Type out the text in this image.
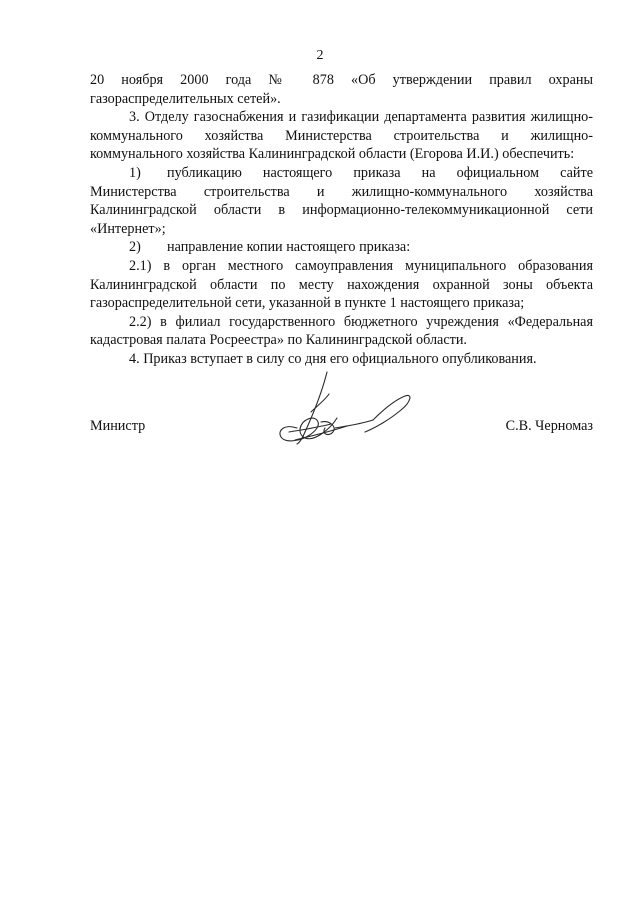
2

20 ноября 2000 года № 878 «Об утверждении правил охраны газораспределительных сетей».

3. Отделу газоснабжения и газификации департамента развития жилищно-коммунального хозяйства Министерства строительства и жилищно-коммунального хозяйства Калининградской области (Егорова И.И.) обеспечить:

1) публикацию настоящего приказа на официальном сайте Министерства строительства и жилищно-коммунального хозяйства Калининградской области в информационно-телекоммуникационной сети «Интернет»;

2) направление копии настоящего приказа:

2.1) в орган местного самоуправления муниципального образования Калининградской области по месту нахождения охранной зоны объекта газораспределительной сети, указанной в пункте 1 настоящего приказа;

2.2) в филиал государственного бюджетного учреждения «Федеральная кадастровая палата Росреестра» по Калининградской области.

4. Приказ вступает в силу со дня его официального опубликования.

Министр	С.В. Черномаз
